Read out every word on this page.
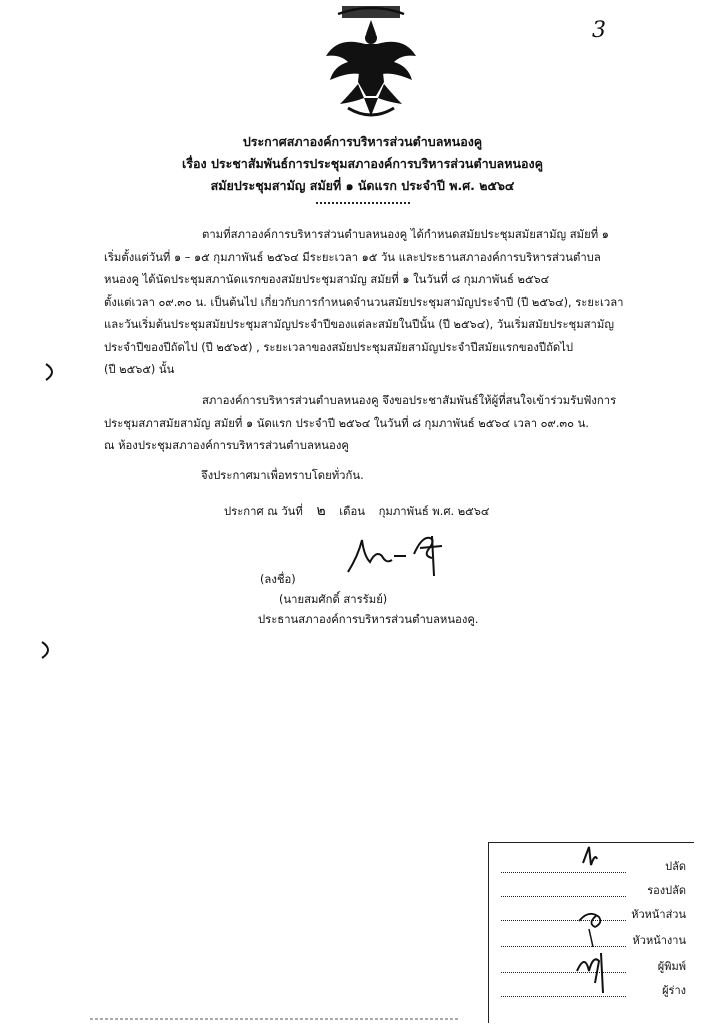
3
ประกาศสภาองค์การบริหารส่วนตำบลหนองคู
เรื่อง ประชาสัมพันธ์การประชุมสภาองค์การบริหารส่วนตำบลหนองคู
สมัยประชุมสามัญ สมัยที่ ๑ นัดแรก ประจำปี พ.ศ. ๒๕๖๔
ตามที่สภาองค์การบริหารส่วนตำบลหนองคู ได้กำหนดสมัยประชุมสมัยสามัญ สมัยที่ ๑
เริ่มตั้งแต่วันที่ ๑ – ๑๕ กุมภาพันธ์ ๒๕๖๔ มีระยะเวลา ๑๕ วัน และประธานสภาองค์การบริหารส่วนตำบล
หนองคู ได้นัดประชุมสภานัดแรกของสมัยประชุมสามัญ สมัยที่ ๑ ในวันที่ ๘ กุมภาพันธ์ ๒๕๖๔
ตั้งแต่เวลา ๐๙.๓๐ น. เป็นต้นไป เกี่ยวกับการกำหนดจำนวนสมัยประชุมสามัญประจำปี (ปี ๒๕๖๔), ระยะเวลา
และวันเริ่มต้นประชุมสมัยประชุมสามัญประจำปีของแต่ละสมัยในปีนั้น (ปี ๒๕๖๔), วันเริ่มสมัยประชุมสามัญ
ประจำปีของปีถัดไป (ปี ๒๕๖๕) , ระยะเวลาของสมัยประชุมสมัยสามัญประจำปีสมัยแรกของปีถัดไป
(ปี ๒๕๖๕) นั้น
สภาองค์การบริหารส่วนตำบลหนองคู จึงขอประชาสัมพันธ์ให้ผู้ที่สนใจเข้าร่วมรับฟังการ
ประชุมสภาสมัยสามัญ สมัยที่ ๑ นัดแรก ประจำปี ๒๕๖๔ ในวันที่ ๘ กุมภาพันธ์ ๒๕๖๔ เวลา ๐๙.๓๐ น.
ณ ห้องประชุมสภาองค์การบริหารส่วนตำบลหนองคู
จึงประกาศมาเพื่อทราบโดยทั่วกัน.
ประกาศ ณ วันที่ ๒ เดือน กุมภาพันธ์ พ.ศ. ๒๕๖๔
(ลงชื่อ)
(นายสมศักดิ์ สารรัมย์)
ประธานสภาองค์การบริหารส่วนตำบลหนองคู.
ปลัด
รองปลัด
หัวหน้าส่วน
หัวหน้างาน
ผู้พิมพ์
ผู้ร่าง
